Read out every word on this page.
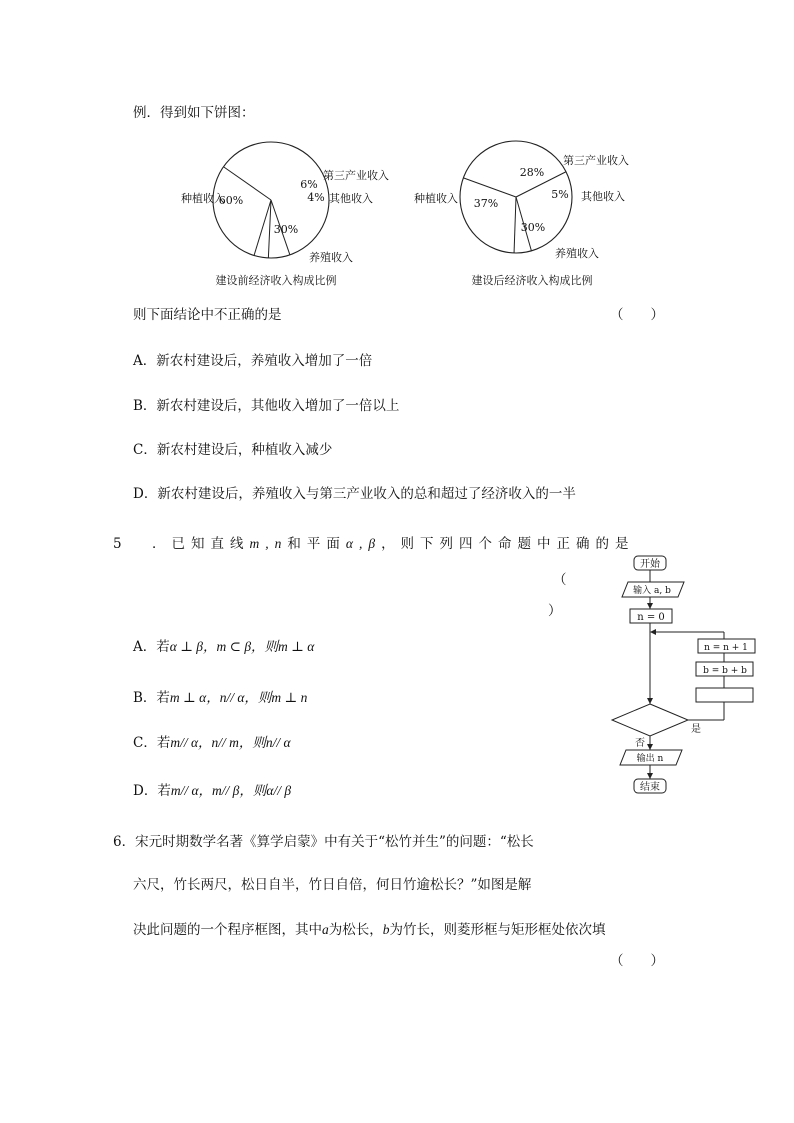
例．得到如下饼图：
60%
种植收入
6%
第三产业收入
4% 其他收入
30%
养殖收入
建设前经济收入构成比例
37%
种植收入
28%
第三产业收入
5% 其他收入
30%
养殖收入
建设后经济收入构成比例
则下面结论中不正确的是	（　　）
A．新农村建设后，养殖收入增加了一倍
B．新农村建设后，其他收入增加了一倍以上
C．新农村建设后，种植收入减少
D．新农村建设后，养殖收入与第三产业收入的总和超过了经济收入的一半
5 ．已知直线m,n和平面α,β，则下列四个命题中正确的是
（
）
A．若α ⊥ β，m ⊂ β，则m ⊥ α
B．若m ⊥ α，n// α，则m ⊥ n
C．若m// α，n// m，则n// α
D．若m// α，m// β，则α// β
开始
输入 a, b
n = 0
n = n + 1
b = b + b
是
否
输出 n
结束
6．宋元时期数学名著《算学启蒙》中有关于“松竹并生”的问题：“松长
六尺，竹长两尺，松日自半，竹日自倍，何日竹逾松长？”如图是解
决此问题的一个程序框图，其中a为松长，b为竹长，则菱形框与矩形框处依次填
（　　）
